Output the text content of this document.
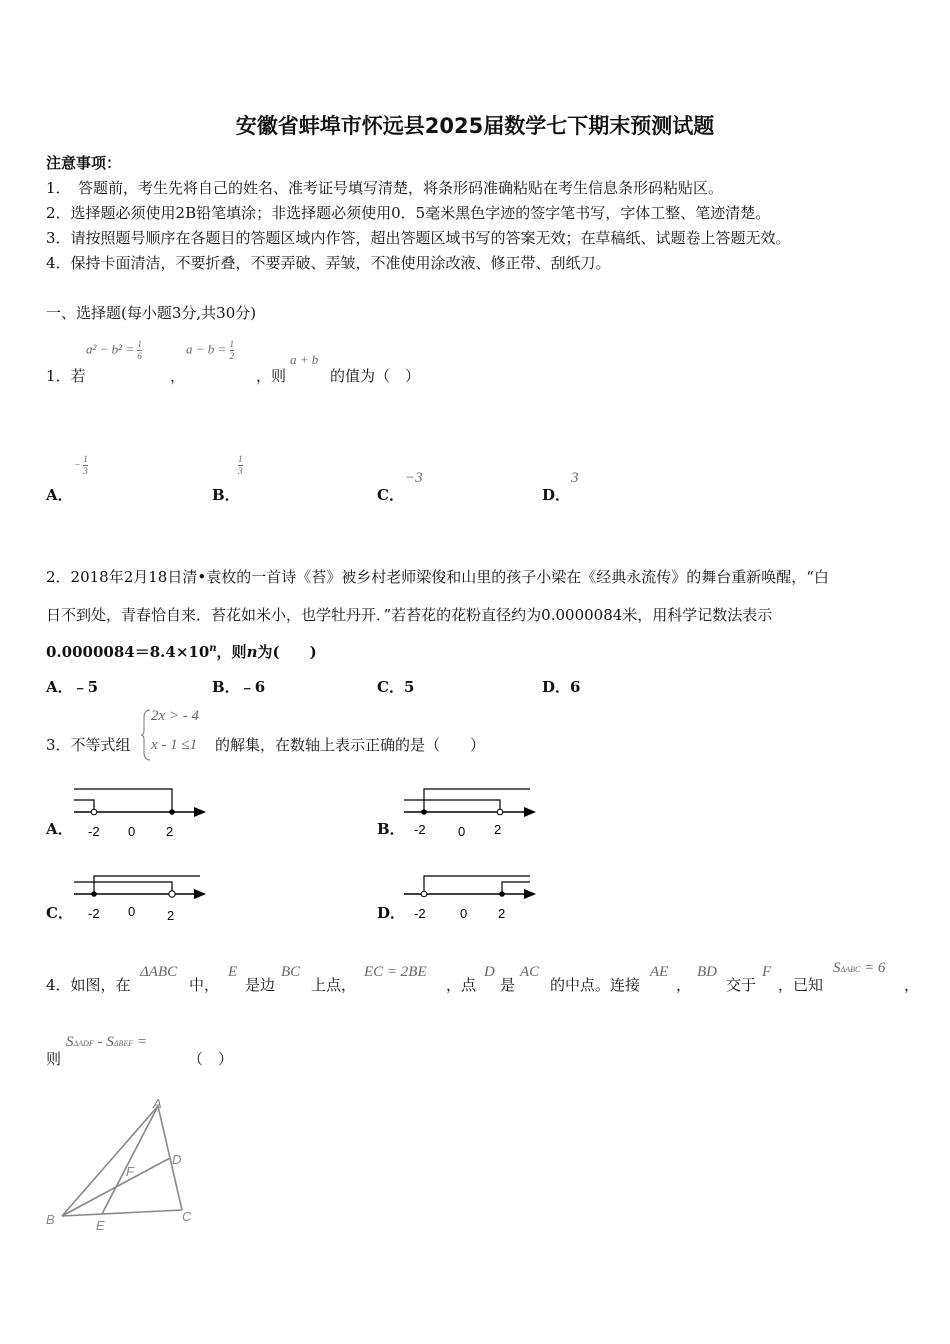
安徽省蚌埠市怀远县2025届数学七下期末预测试题
注意事项：
1．　答题前，考生先将自己的姓名、准考证号填写清楚，将条形码准确粘贴在考生信息条形码粘贴区。
2．选择题必须使用2B铅笔填涂；非选择题必须使用0．5毫米黑色字迹的签字笔书写，字体工整、笔迹清楚。
3．请按照题号顺序在各题目的答题区域内作答，超出答题区域书写的答案无效；在草稿纸、试题卷上答题无效。
4．保持卡面清洁，不要折叠，不要弄破、弄皱，不准使用涂改液、修正带、刮纸刀。
一、选择题(每小题3分,共30分)
$a^2 - b^2 = \frac{1}{6}$	$a - b = \frac{1}{2}$	a + b
1．若	，	，则	的值为（　）
A．
− $\frac{1}{3}$
B．
$\frac{1}{3}$
C．
−3
D．
3
2．2018年2月18日清•袁枚的一首诗《苔》被乡村老师梁俊和山里的孩子小梁在《经典永流传》的舞台重新唤醒，“白
日不到处，青春恰自来．苔花如米小，也学牡丹开．”若苔花的花粉直径约为0.0000084米，用科学记数法表示
$0.0000084=8.4\times 10^n$，则n为(　　)
A．﹣5	B．﹣6	C．5	D．6
3．不等式组
2x > - 4
x - 1 ≤1 的解集，在数轴上表示正确的是（　　）
A． -2 0 2	B． -2 0 2
C． -2 0 2	D． -2	0 2
4．如图，在
ΔABC
中，
E
是边
BC
上点，
EC = 2BE
，点
D
是
AC
的中点。连接
AE
，
BD
交于
F
，已知
SΔABC = 6
，
则
SΔADF - SΔBEF =
（　）
A
B	C
D
E
F
